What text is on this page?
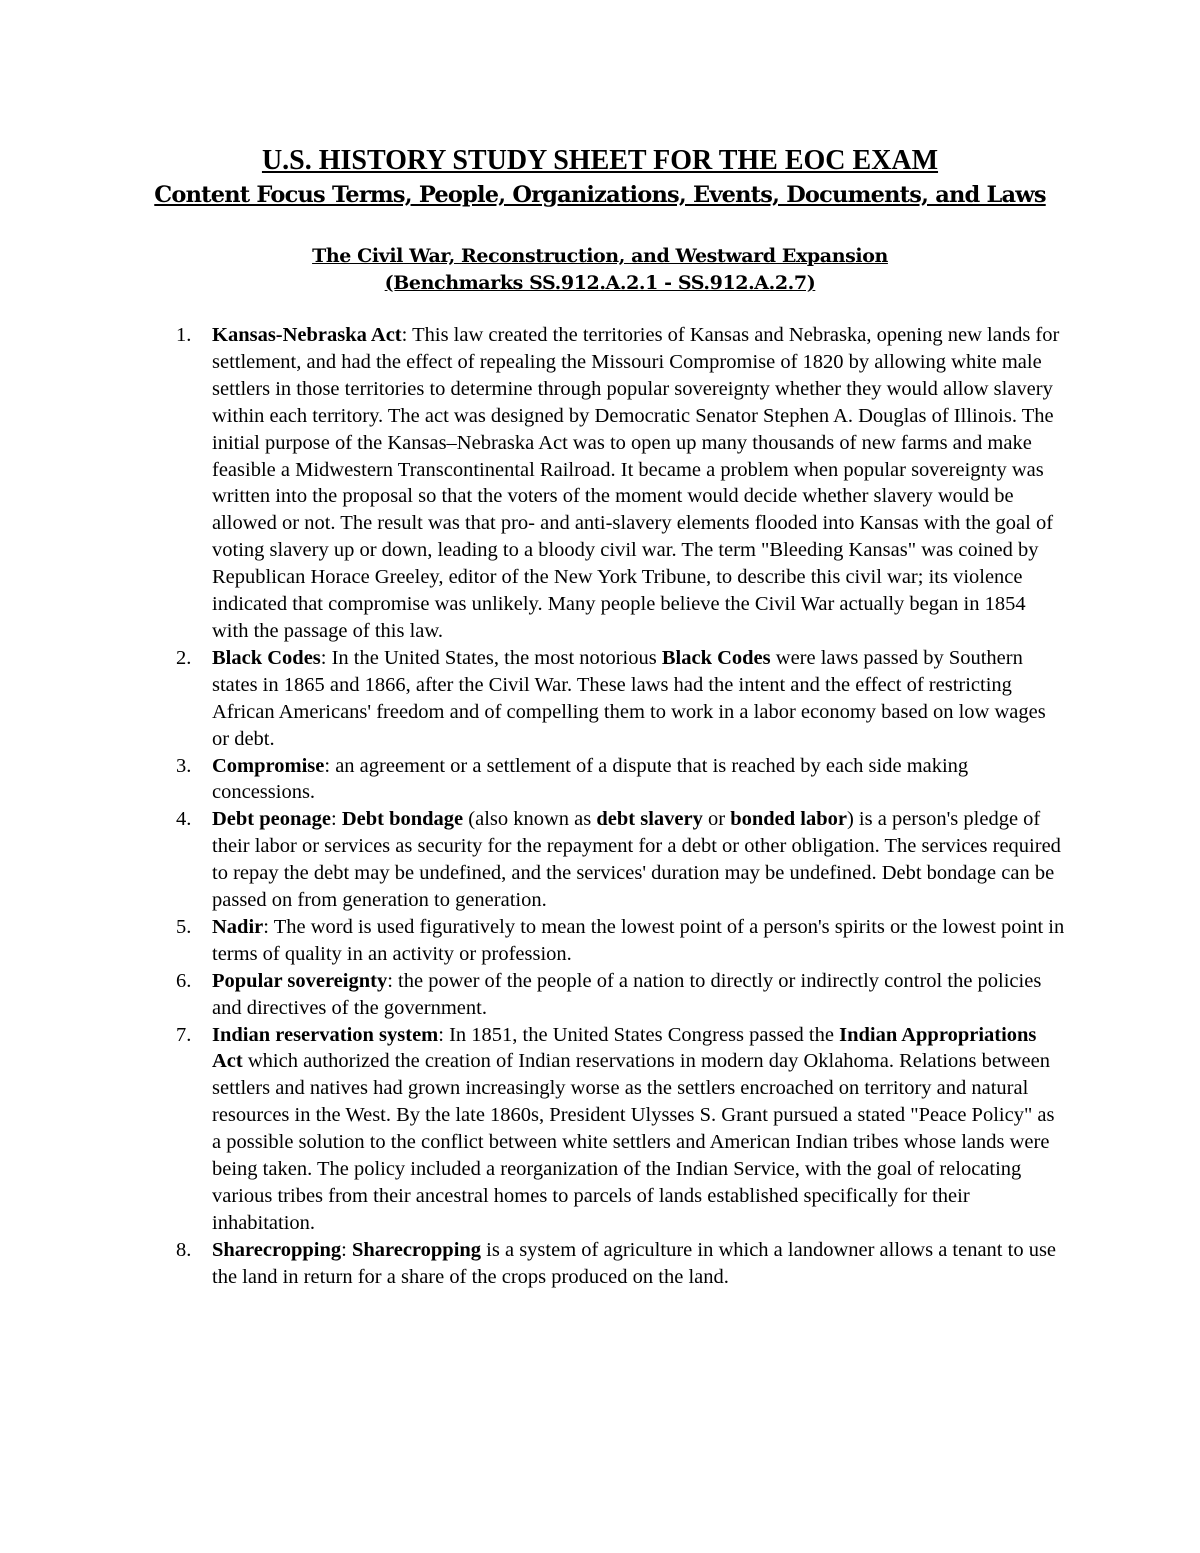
U.S. HISTORY STUDY SHEET FOR THE EOC EXAM
Content Focus Terms, People, Organizations, Events, Documents, and Laws
The Civil War, Reconstruction, and Westward Expansion
(Benchmarks SS.912.A.2.1 - SS.912.A.2.7)
1. Kansas-Nebraska Act: This law created the territories of Kansas and Nebraska, opening new lands for settlement, and had the effect of repealing the Missouri Compromise of 1820 by allowing white male settlers in those territories to determine through popular sovereignty whether they would allow slavery within each territory. The act was designed by Democratic Senator Stephen A. Douglas of Illinois. The initial purpose of the Kansas–Nebraska Act was to open up many thousands of new farms and make feasible a Midwestern Transcontinental Railroad. It became a problem when popular sovereignty was written into the proposal so that the voters of the moment would decide whether slavery would be allowed or not. The result was that pro- and anti-slavery elements flooded into Kansas with the goal of voting slavery up or down, leading to a bloody civil war. The term "Bleeding Kansas" was coined by Republican Horace Greeley, editor of the New York Tribune, to describe this civil war; its violence indicated that compromise was unlikely. Many people believe the Civil War actually began in 1854 with the passage of this law.
2. Black Codes: In the United States, the most notorious Black Codes were laws passed by Southern states in 1865 and 1866, after the Civil War. These laws had the intent and the effect of restricting African Americans' freedom and of compelling them to work in a labor economy based on low wages or debt.
3. Compromise: an agreement or a settlement of a dispute that is reached by each side making concessions.
4. Debt peonage: Debt bondage (also known as debt slavery or bonded labor) is a person's pledge of their labor or services as security for the repayment for a debt or other obligation. The services required to repay the debt may be undefined, and the services' duration may be undefined. Debt bondage can be passed on from generation to generation.
5. Nadir: The word is used figuratively to mean the lowest point of a person's spirits or the lowest point in terms of quality in an activity or profession.
6. Popular sovereignty: the power of the people of a nation to directly or indirectly control the policies and directives of the government.
7. Indian reservation system: In 1851, the United States Congress passed the Indian Appropriations Act which authorized the creation of Indian reservations in modern day Oklahoma. Relations between settlers and natives had grown increasingly worse as the settlers encroached on territory and natural resources in the West. By the late 1860s, President Ulysses S. Grant pursued a stated "Peace Policy" as a possible solution to the conflict between white settlers and American Indian tribes whose lands were being taken. The policy included a reorganization of the Indian Service, with the goal of relocating various tribes from their ancestral homes to parcels of lands established specifically for their inhabitation.
8. Sharecropping: Sharecropping is a system of agriculture in which a landowner allows a tenant to use the land in return for a share of the crops produced on the land.
